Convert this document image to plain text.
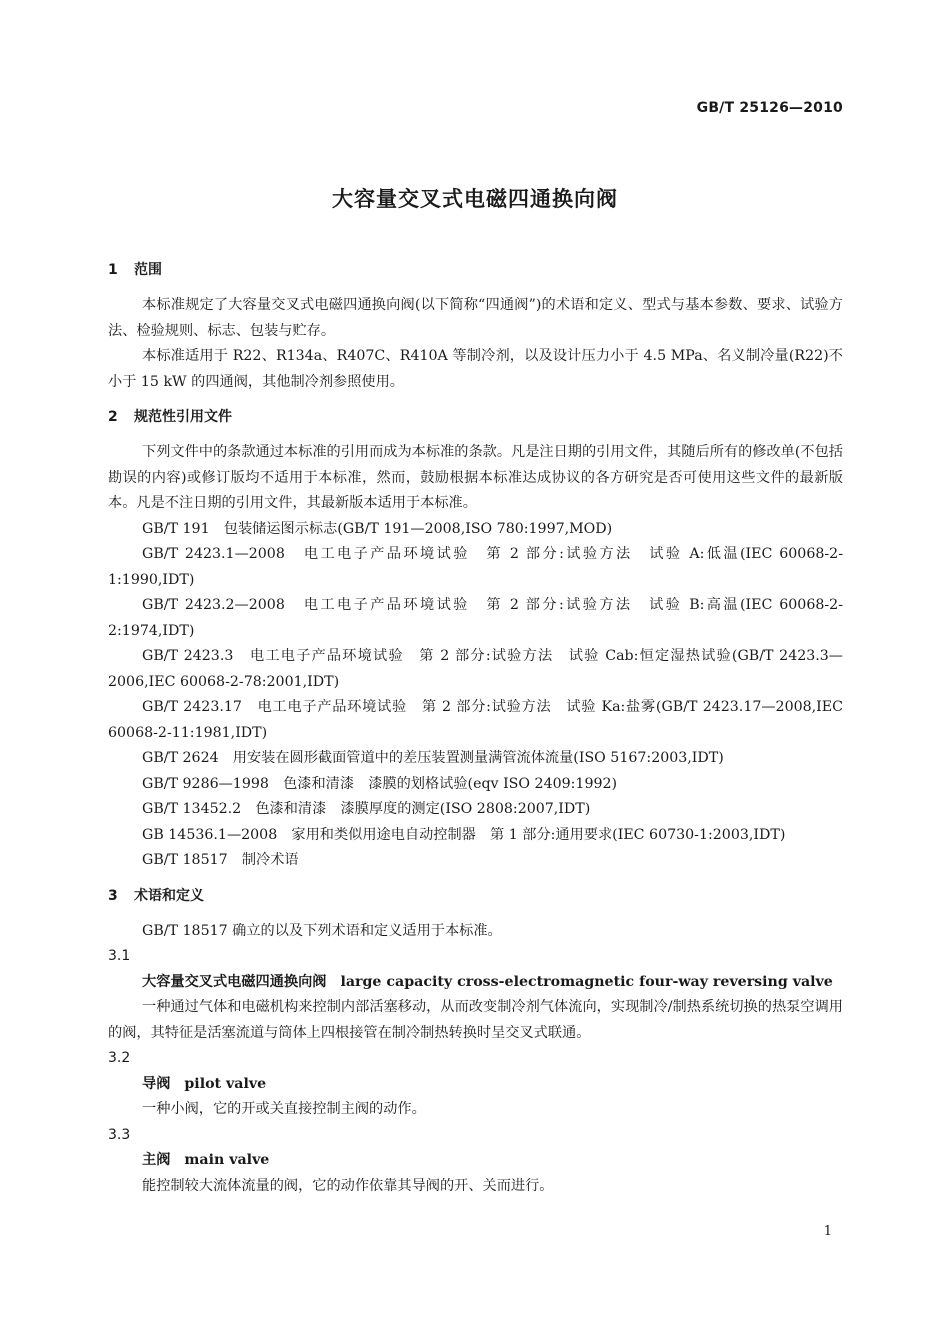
GB/T 25126—2010
大容量交叉式电磁四通换向阀
1 范围

本标准规定了大容量交叉式电磁四通换向阀(以下简称“四通阀”)的术语和定义、型式与基本参数、要求、试验方法、检验规则、标志、包装与贮存。

本标准适用于 R22、R134a、R407C、R410A 等制冷剂，以及设计压力小于 4.5 MPa、名义制冷量(R22)不小于 15 kW 的四通阀，其他制冷剂参照使用。

2 规范性引用文件

下列文件中的条款通过本标准的引用而成为本标准的条款。凡是注日期的引用文件，其随后所有的修改单(不包括勘误的内容)或修订版均不适用于本标准，然而，鼓励根据本标准达成协议的各方研究是否可使用这些文件的最新版本。凡是不注日期的引用文件，其最新版本适用于本标准。

GB/T 191　包装储运图示标志(GB/T 191—2008,ISO 780:1997,MOD)

GB/T 2423.1—2008　电工电子产品环境试验　第 2 部分:试验方法　试验 A:低温(IEC 60068-2-1:1990,IDT)

GB/T 2423.2—2008　电工电子产品环境试验　第 2 部分:试验方法　试验 B:高温(IEC 60068-2-2:1974,IDT)

GB/T 2423.3　电工电子产品环境试验　第 2 部分:试验方法　试验 Cab:恒定湿热试验(GB/T 2423.3—2006,IEC 60068-2-78:2001,IDT)

GB/T 2423.17　电工电子产品环境试验　第 2 部分:试验方法　试验 Ka:盐雾(GB/T 2423.17—2008,IEC 60068-2-11:1981,IDT)

GB/T 2624　用安装在圆形截面管道中的差压装置测量满管流体流量(ISO 5167:2003,IDT)

GB/T 9286—1998　色漆和清漆　漆膜的划格试验(eqv ISO 2409:1992)

GB/T 13452.2　色漆和清漆　漆膜厚度的测定(ISO 2808:2007,IDT)

GB 14536.1—2008　家用和类似用途电自动控制器　第 1 部分:通用要求(IEC 60730-1:2003,IDT)

GB/T 18517　制冷术语

3 术语和定义

GB/T 18517 确立的以及下列术语和定义适用于本标准。

3.1

大容量交叉式电磁四通换向阀 large capacity cross-electromagnetic four-way reversing valve

一种通过气体和电磁机构来控制内部活塞移动，从而改变制冷剂气体流向，实现制冷/制热系统切换的热泵空调用的阀，其特征是活塞流道与筒体上四根接管在制冷制热转换时呈交叉式联通。

3.2

导阀 pilot valve

一种小阀，它的开或关直接控制主阀的动作。

3.3

主阀 main valve

能控制较大流体流量的阀，它的动作依靠其导阀的开、关而进行。

1
